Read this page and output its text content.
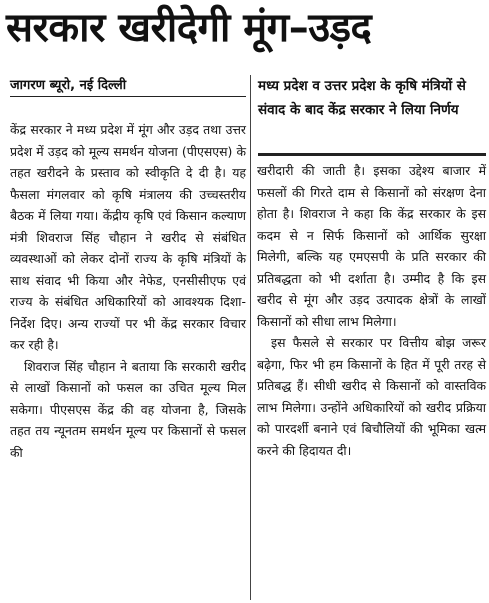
सरकार खरीदेगी मूंग–उड़द
जागरण ब्यूरो, नई दिल्ली	मध्य प्रदेश व उत्तर प्रदेश के कृषि मंत्रियों से संवाद के बाद केंद्र सरकार ने लिया निर्णय

केंद्र सरकार ने मध्य प्रदेश में मूंग और उड़द तथा उत्तर प्रदेश में उड़द को मूल्य समर्थन योजना (पीएसएस) के तहत खरीदने के प्रस्ताव को स्वीकृति दे दी है। यह फैसला मंगलवार को कृषि मंत्रालय की उच्चस्तरीय बैठक में लिया गया। केंद्रीय कृषि एवं किसान कल्याण मंत्री शिवराज सिंह चौहान ने खरीद से संबंधित व्यवस्थाओं को लेकर दोनों राज्य के कृषि मंत्रियों के साथ संवाद भी किया और नेफेड, एनसीसीएफ एवं राज्य के संबंधित अधिकारियों को आवश्यक दिशा-निर्देश दिए। अन्य राज्यों पर भी केंद्र सरकार विचार कर रही है।

शिवराज सिंह चौहान ने बताया कि सरकारी खरीद से लाखों किसानों को फसल का उचित मूल्य मिल सकेगा। पीएसएस केंद्र की वह योजना है, जिसके तहत तय न्यूनतम समर्थन मूल्य पर किसानों से फसल की

खरीदारी की जाती है। इसका उद्देश्य बाजार में फसलों की गिरते दाम से किसानों को संरक्षण देना होता है। शिवराज ने कहा कि केंद्र सरकार के इस कदम से न सिर्फ किसानों को आर्थिक सुरक्षा मिलेगी, बल्कि यह एमएसपी के प्रति सरकार की प्रतिबद्धता को भी दर्शाता है। उम्मीद है कि इस खरीद से मूंग और उड़द उत्पादक क्षेत्रों के लाखों किसानों को सीधा लाभ मिलेगा।

इस फैसले से सरकार पर वित्तीय बोझ जरूर बढ़ेगा, फिर भी हम किसानों के हित में पूरी तरह से प्रतिबद्ध हैं। सीधी खरीद से किसानों को वास्तविक लाभ मिलेगा। उन्होंने अधिकारियों को खरीद प्रक्रिया को पारदर्शी बनाने एवं बिचौलियों की भूमिका खत्म करने की हिदायत दी।
